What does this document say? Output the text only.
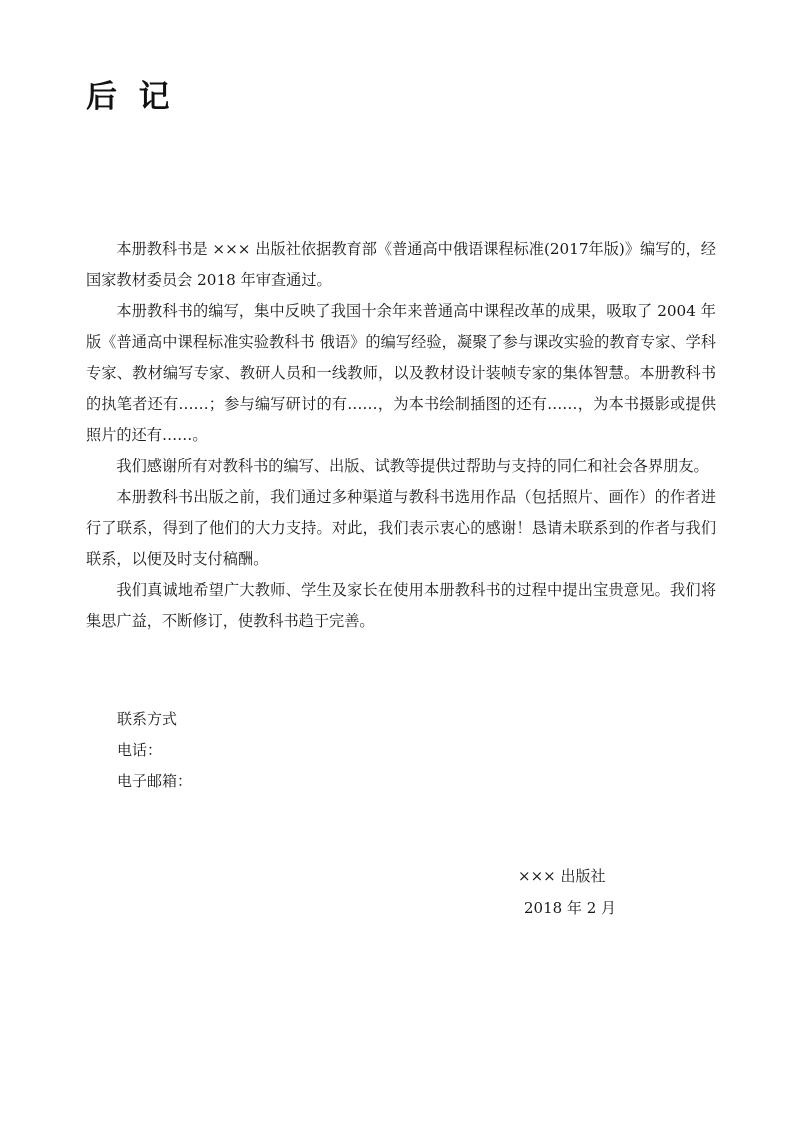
后  记

本册教科书是 ××× 出版社依据教育部《普通高中俄语课程标准(2017年版)》编写的，经国家教材委员会 2018 年审查通过。

本册教科书的编写，集中反映了我国十余年来普通高中课程改革的成果，吸取了 2004 年版《普通高中课程标准实验教科书 俄语》的编写经验，凝聚了参与课改实验的教育专家、学科专家、教材编写专家、教研人员和一线教师，以及教材设计装帧专家的集体智慧。本册教科书的执笔者还有……；参与编写研讨的有……，为本书绘制插图的还有……，为本书摄影或提供照片的还有……。

我们感谢所有对教科书的编写、出版、试教等提供过帮助与支持的同仁和社会各界朋友。

本册教科书出版之前，我们通过多种渠道与教科书选用作品（包括照片、画作）的作者进行了联系，得到了他们的大力支持。对此，我们表示衷心的感谢！恳请未联系到的作者与我们联系，以便及时支付稿酬。

我们真诚地希望广大教师、学生及家长在使用本册教科书的过程中提出宝贵意见。我们将集思广益，不断修订，使教科书趋于完善。

联系方式
电话：
电子邮箱：
××× 出版社
2018 年 2 月
